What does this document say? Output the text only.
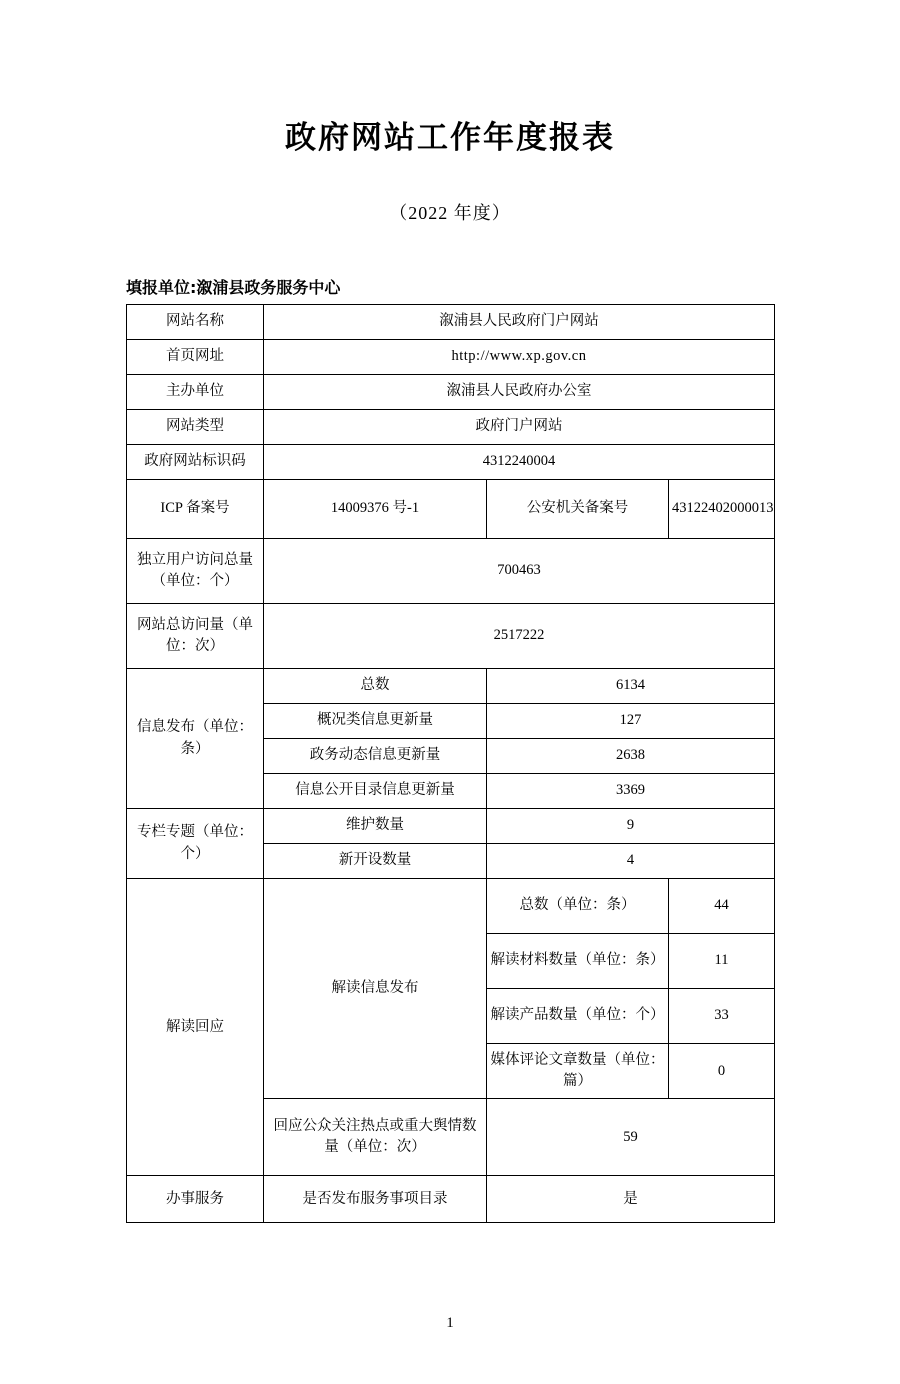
政府网站工作年度报表
（2022 年度）
填报单位:溆浦县政务服务中心
网站名称	溆浦县人民政府门户网站		
首页网址	http://www.xp.gov.cn		
主办单位	溆浦县人民政府办公室		
网站类型	政府门户网站		
政府网站标识码	4312240004		
ICP 备案号	14009376 号-1	公安机关备案号	43122402000013
独立用户访问总量（单位：个）	700463		
网站总访问量（单位：次）	2517222		
信息发布（单位：条）	总数	6134	
	概况类信息更新量	127	
	政务动态信息更新量	2638	
	信息公开目录信息更新量	3369	
专栏专题（单位：个）	维护数量	9	
	新开设数量	4	
解读回应	解读信息发布	总数（单位：条）	44
		解读材料数量（单位：条）	11
		解读产品数量（单位：个）	33
		媒体评论文章数量（单位：篇）	0
	回应公众关注热点或重大舆情数量（单位：次）	59	
办事服务	是否发布服务事项目录	是	
1
